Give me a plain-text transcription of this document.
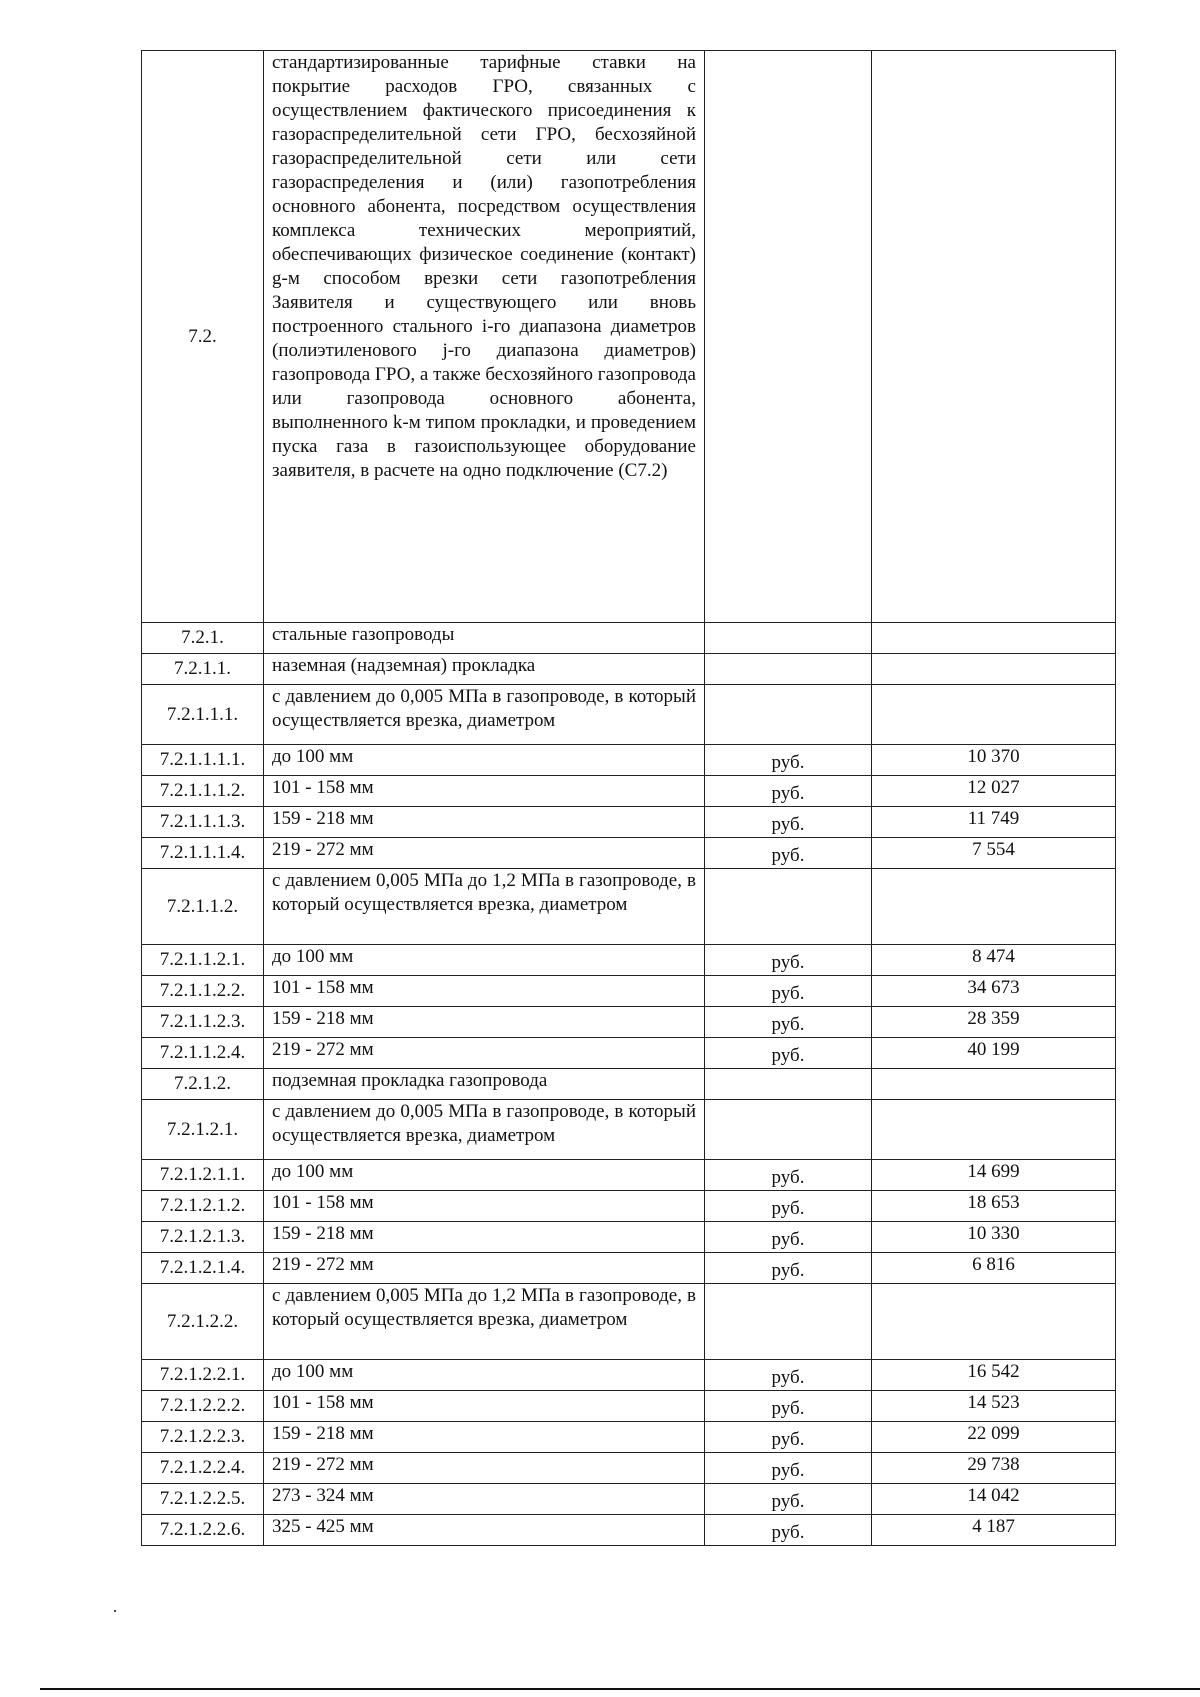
7.2.	стандартизированные тарифные ставки на покрытие расходов ГРО, связанных с осуществлением фактического присоединения к газораспределительной сети ГРО, бесхозяйной газораспределительной сети или сети газораспределения и (или) газопотребления основного абонента, посредством осуществления комплекса технических мероприятий, обеспечивающих физическое соединение (контакт) g-м способом врезки сети газопотребления Заявителя и существующего или вновь построенного стального i-го диапазона диаметров (полиэтиленового j-го диапазона диаметров) газопровода ГРО, а также бесхозяйного газопровода или газопровода основного абонента, выполненного k-м типом прокладки, и проведением пуска газа в газоиспользующее оборудование заявителя, в расчете на одно подключение (С7.2)		
7.2.1.	стальные газопроводы		
7.2.1.1.	наземная (надземная) прокладка		
7.2.1.1.1.	с давлением до 0,005 МПа в газопроводе, в который осуществляется врезка, диаметром		
7.2.1.1.1.1.	до 100 мм	руб.	10 370
7.2.1.1.1.2.	101 - 158 мм	руб.	12 027
7.2.1.1.1.3.	159 - 218 мм	руб.	11 749
7.2.1.1.1.4.	219 - 272 мм	руб.	7 554
7.2.1.1.2.	с давлением 0,005 МПа до 1,2 МПа в газопроводе, в который осуществляется врезка, диаметром		
7.2.1.1.2.1.	до 100 мм	руб.	8 474
7.2.1.1.2.2.	101 - 158 мм	руб.	34 673
7.2.1.1.2.3.	159 - 218 мм	руб.	28 359
7.2.1.1.2.4.	219 - 272 мм	руб.	40 199
7.2.1.2.	подземная прокладка газопровода		
7.2.1.2.1.	с давлением до 0,005 МПа в газопроводе, в который осуществляется врезка, диаметром		
7.2.1.2.1.1.	до 100 мм	руб.	14 699
7.2.1.2.1.2.	101 - 158 мм	руб.	18 653
7.2.1.2.1.3.	159 - 218 мм	руб.	10 330
7.2.1.2.1.4.	219 - 272 мм	руб.	6 816
7.2.1.2.2.	с давлением 0,005 МПа до 1,2 МПа в газопроводе, в который осуществляется врезка, диаметром		
7.2.1.2.2.1.	до 100 мм	руб.	16 542
7.2.1.2.2.2.	101 - 158 мм	руб.	14 523
7.2.1.2.2.3.	159 - 218 мм	руб.	22 099
7.2.1.2.2.4.	219 - 272 мм	руб.	29 738
7.2.1.2.2.5.	273 - 324 мм	руб.	14 042
7.2.1.2.2.6.	325 - 425 мм	руб.	4 187
